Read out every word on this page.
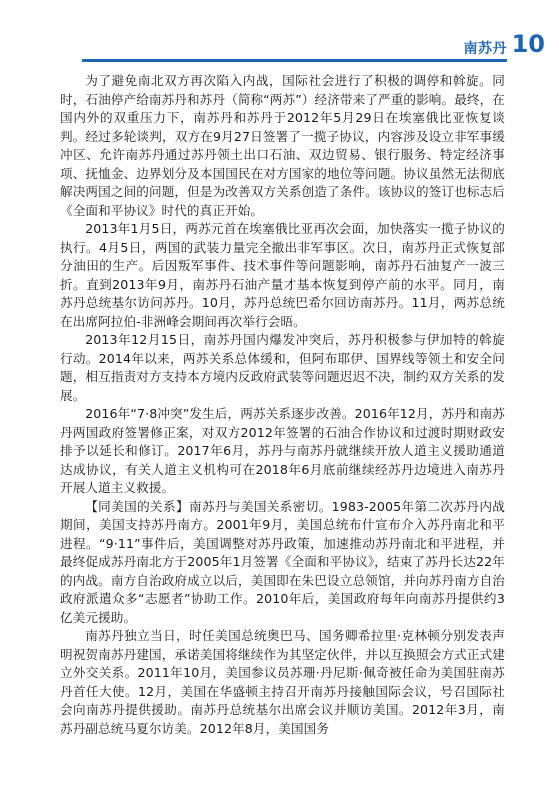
南苏丹 10

为了避免南北双方再次陷入内战，国际社会进行了积极的调停和斡旋。同时，石油停产给南苏丹和苏丹（简称“两苏”）经济带来了严重的影响。最终，在国内外的双重压力下，南苏丹和苏丹于2012年5月29日在埃塞俄比亚恢复谈判。经过多轮谈判，双方在9月27日签署了一揽子协议，内容涉及设立非军事缓冲区、允许南苏丹通过苏丹领土出口石油、双边贸易、银行服务、特定经济事项、抚恤金、边界划分及本国国民在对方国家的地位等问题。协议虽然无法彻底解决两国之间的问题，但是为改善双方关系创造了条件。该协议的签订也标志后《全面和平协议》时代的真正开始。

2013年1月5日，两苏元首在埃塞俄比亚再次会面，加快落实一揽子协议的执行。4月5日，两国的武装力量完全撤出非军事区。次日，南苏丹正式恢复部分油田的生产。后因叛军事件、技术事件等问题影响，南苏丹石油复产一波三折。直到2013年9月，南苏丹石油产量才基本恢复到停产前的水平。同月，南苏丹总统基尔访问苏丹。10月，苏丹总统巴希尔回访南苏丹。11月，两苏总统在出席阿拉伯-非洲峰会期间再次举行会晤。

2013年12月15日，南苏丹国内爆发冲突后，苏丹积极参与伊加特的斡旋行动。2014年以来，两苏关系总体缓和，但阿布耶伊、国界线等领土和安全问题，相互指责对方支持本方境内反政府武装等问题迟迟不决，制约双方关系的发展。

2016年“7·8冲突”发生后，两苏关系逐步改善。2016年12月，苏丹和南苏丹两国政府签署修正案，对双方2012年签署的石油合作协议和过渡时期财政安排予以延长和修订。2017年6月，苏丹与南苏丹就继续开放人道主义援助通道达成协议，有关人道主义机构可在2018年6月底前继续经苏丹边境进入南苏丹开展人道主义救援。

【同美国的关系】南苏丹与美国关系密切。1983-2005年第二次苏丹内战期间，美国支持苏丹南方。2001年9月，美国总统布什宣布介入苏丹南北和平进程。“9·11”事件后，美国调整对苏丹政策，加速推动苏丹南北和平进程，并最终促成苏丹南北方于2005年1月签署《全面和平协议》，结束了苏丹长达22年的内战。南方自治政府成立以后，美国即在朱巴设立总领馆，并向苏丹南方自治政府派遣众多“志愿者”协助工作。2010年后，美国政府每年向南苏丹提供约3亿美元援助。

南苏丹独立当日，时任美国总统奥巴马、国务卿希拉里·克林顿分别发表声明祝贺南苏丹建国，承诺美国将继续作为其坚定伙伴，并以互换照会方式正式建立外交关系。2011年10月，美国参议员苏珊·丹尼斯·佩奇被任命为美国驻南苏丹首任大使。12月，美国在华盛顿主持召开南苏丹接触国际会议，号召国际社会向南苏丹提供援助。南苏丹总统基尔出席会议并顺访美国。2012年3月，南苏丹副总统马夏尔访美。2012年8月，美国国务
